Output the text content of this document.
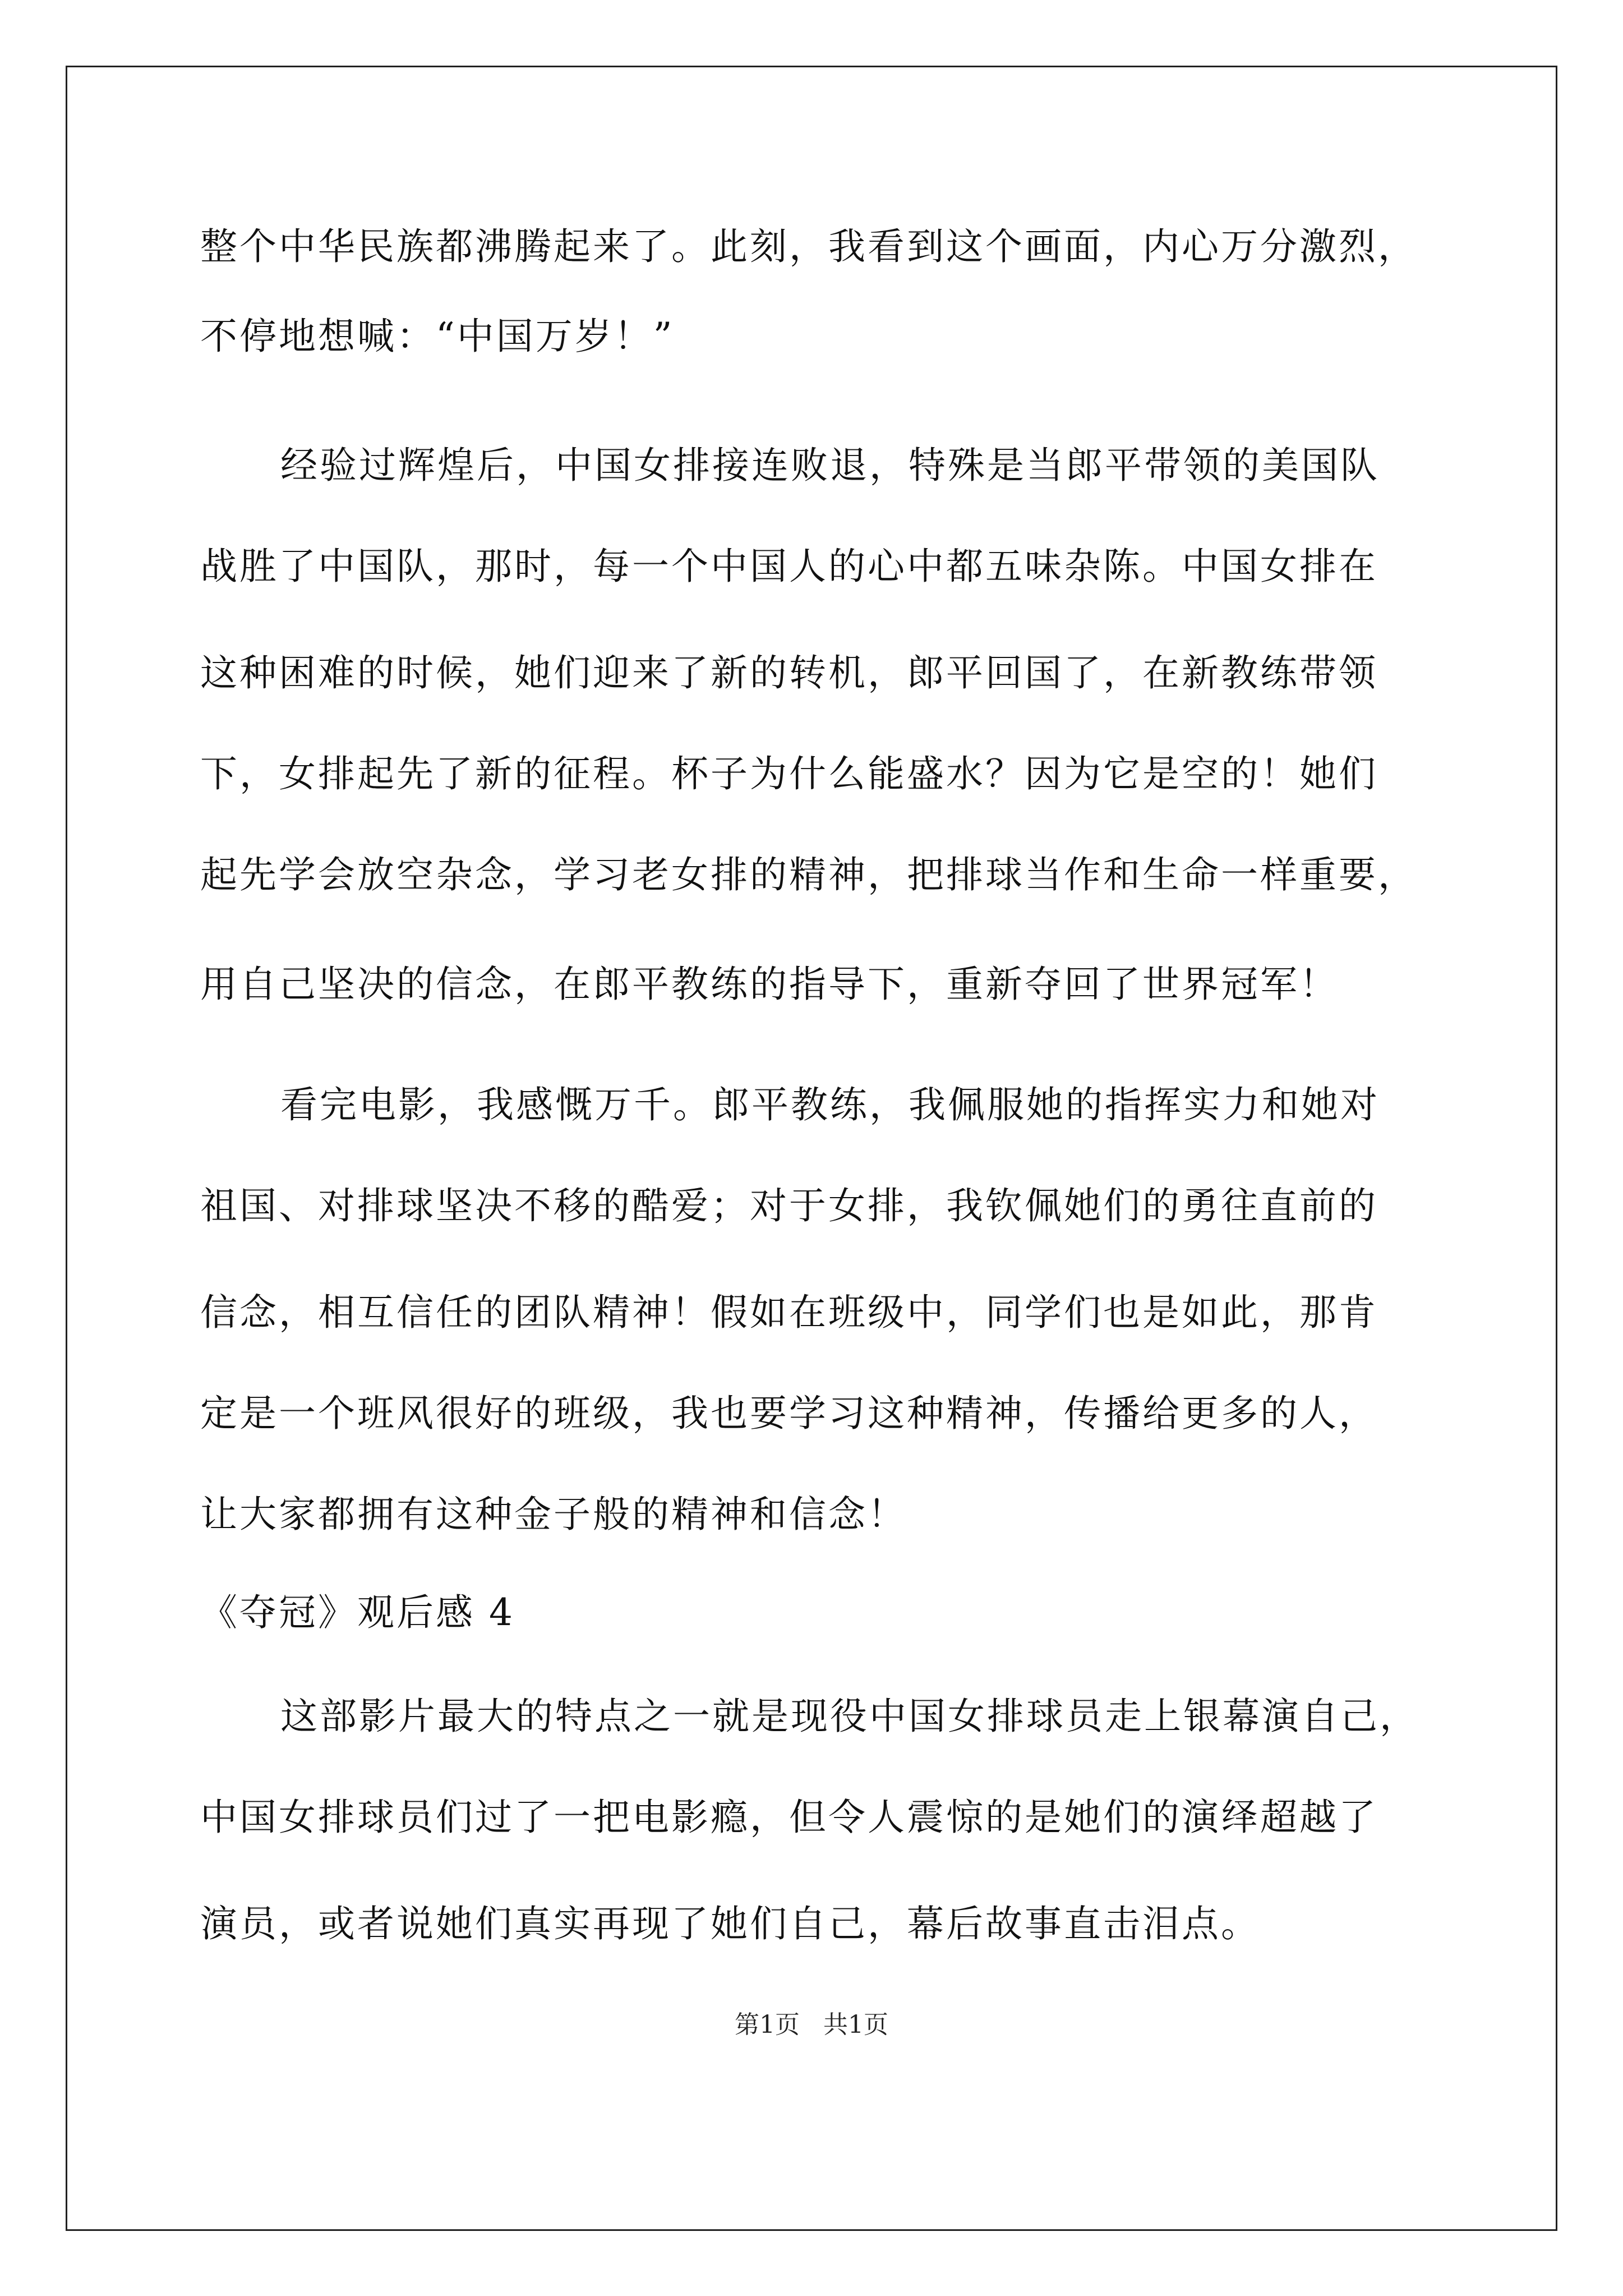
整个中华民族都沸腾起来了。此刻，我看到这个画面，内心万分激烈，
不停地想喊：“中国万岁！”
经验过辉煌后，中国女排接连败退，特殊是当郎平带领的美国队
战胜了中国队，那时，每一个中国人的心中都五味杂陈。中国女排在
这种困难的时候，她们迎来了新的转机，郎平回国了，在新教练带领
下，女排起先了新的征程。杯子为什么能盛水？因为它是空的！她们
起先学会放空杂念，学习老女排的精神，把排球当作和生命一样重要，
用自己坚决的信念，在郎平教练的指导下，重新夺回了世界冠军！
看完电影，我感慨万千。郎平教练，我佩服她的指挥实力和她对
祖国、对排球坚决不移的酷爱；对于女排，我钦佩她们的勇往直前的
信念，相互信任的团队精神！假如在班级中，同学们也是如此，那肯
定是一个班风很好的班级，我也要学习这种精神，传播给更多的人，
让大家都拥有这种金子般的精神和信念！
《夺冠》观后感 4
这部影片最大的特点之一就是现役中国女排球员走上银幕演自己，
中国女排球员们过了一把电影瘾，但令人震惊的是她们的演绎超越了
演员，或者说她们真实再现了她们自己，幕后故事直击泪点。
第1页   共1页
